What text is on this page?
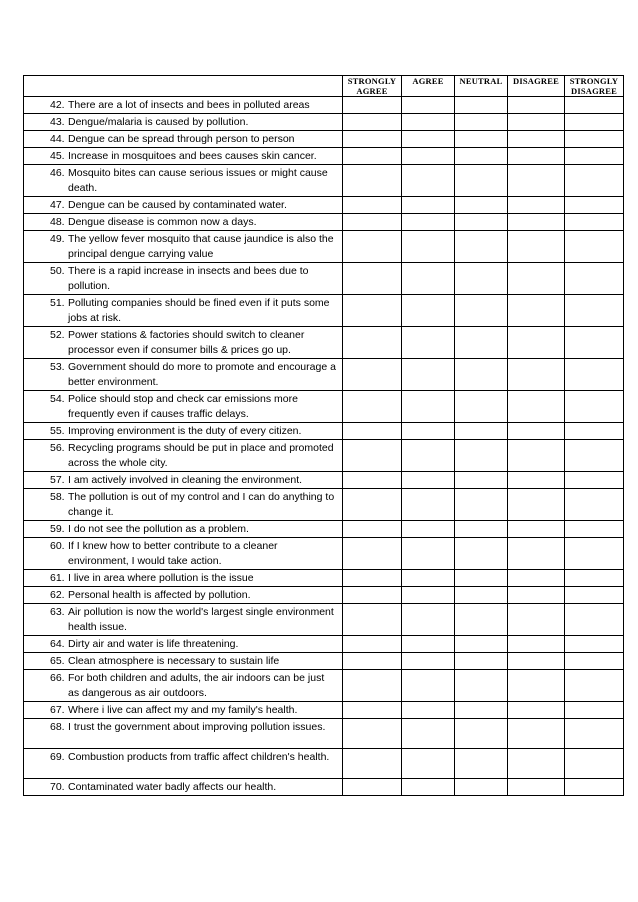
	STRONGLY AGREE	AGREE	NEUTRAL	DISAGREE	STRONGLY DISAGREE
42. There are a lot of insects and bees in polluted areas					
43. Dengue/malaria is caused by pollution.					
44. Dengue can be spread through person to person					
45. Increase in mosquitoes and bees causes skin cancer.					
46. Mosquito bites can cause serious issues or might cause death.					
47. Dengue can be caused by contaminated water.					
48. Dengue disease is common now a days.					
49. The yellow fever mosquito that cause jaundice is also the principal dengue carrying value					
50. There is a rapid increase in insects and bees due to pollution.					
51. Polluting companies should be fined even if it puts some jobs at risk.					
52. Power stations & factories should switch to cleaner processor even if consumer bills & prices go up.					
53. Government should do more to promote and encourage a better environment.					
54. Police should stop and check car emissions more frequently even if causes traffic delays.					
55. Improving environment is the duty of every citizen.					
56. Recycling programs should be put in place and promoted across the whole city.					
57. I am actively involved in cleaning the environment.					
58. The pollution is out of my control and I can do anything to change it.					
59. I do not see the pollution as a problem.					
60. If I knew how to better contribute to a cleaner environment, I would take action.					
61. I live in area where pollution is the issue					
62. Personal health is affected by pollution.					
63. Air pollution is now the world's largest single environment health issue.					
64. Dirty air and water is life threatening.					
65. Clean atmosphere is necessary to sustain life					
66. For both children and adults, the air indoors can be just as dangerous as air outdoors.					
67. Where i live can affect my and my family's health.					
68. I trust the government about improving pollution issues.					
69. Combustion products from traffic affect children's health.					
70. Contaminated water badly affects our health.					
